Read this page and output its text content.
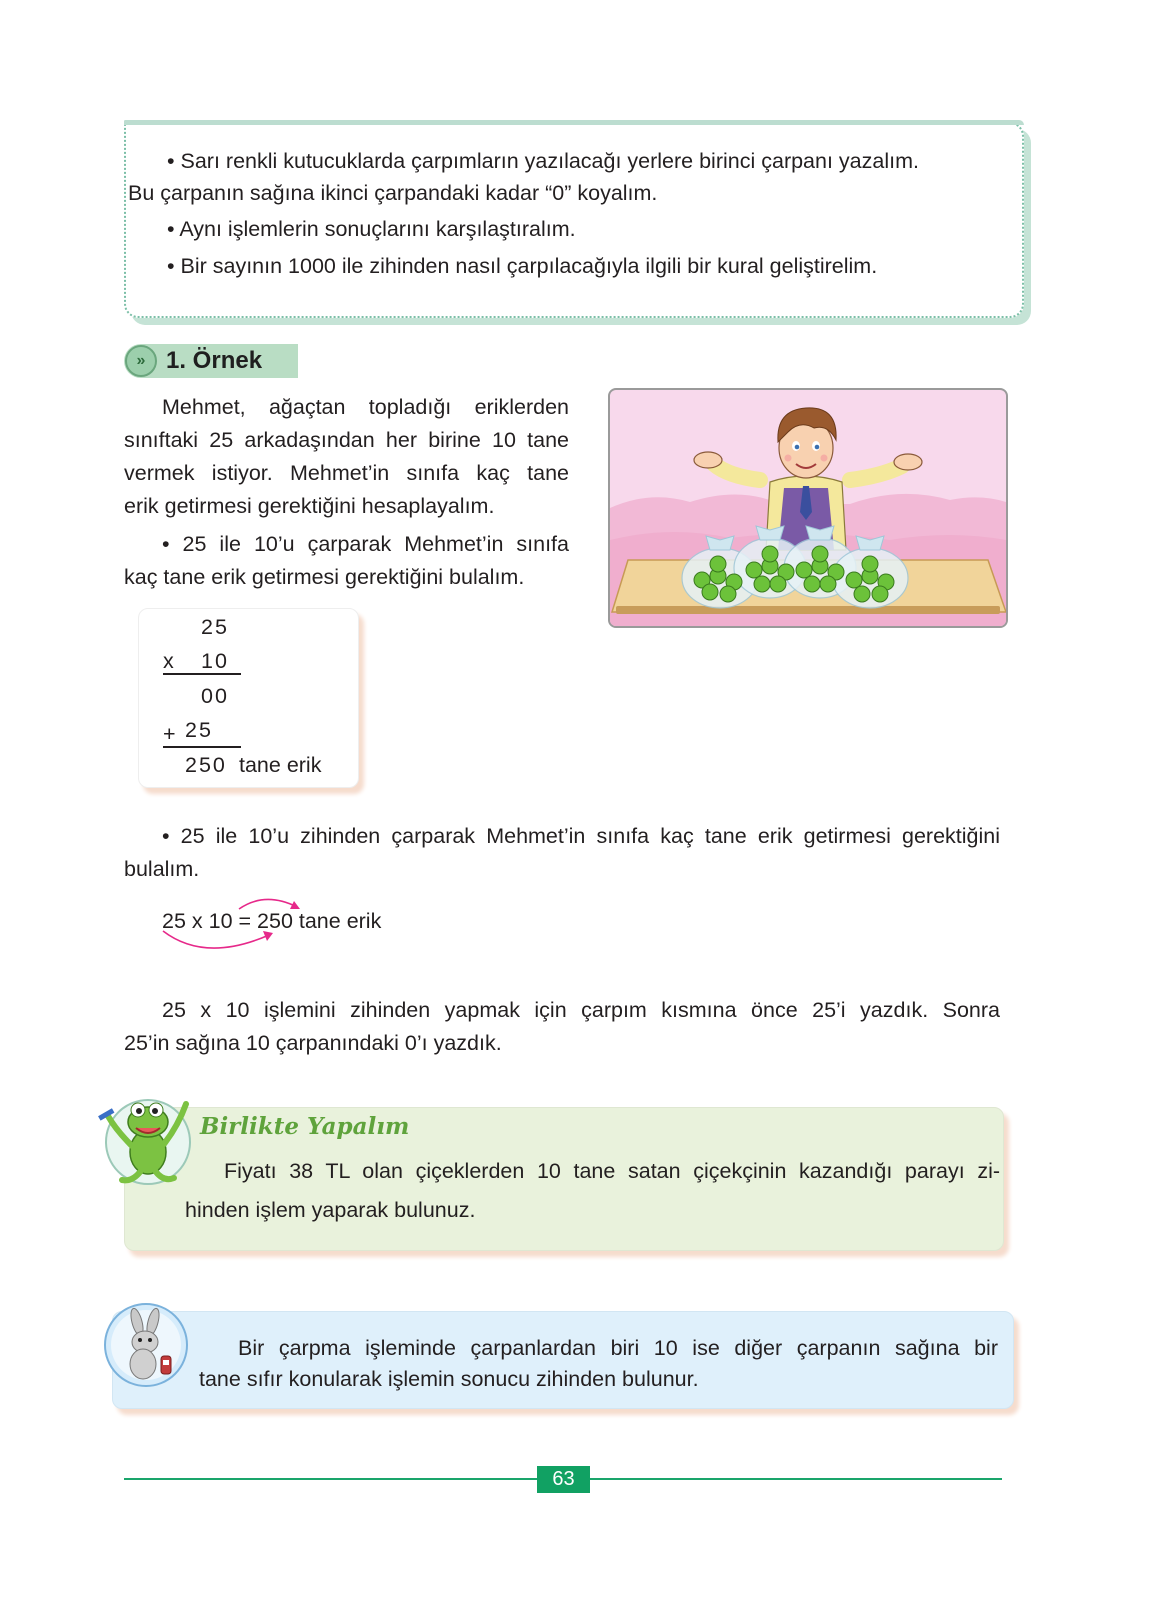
• Sarı renkli kutucuklarda çarpımların yazılacağı yerlere birinci çarpanı yazalım.

Bu çarpanın sağına ikinci çarpandaki kadar “0” koyalım.

• Aynı işlemlerin sonuçlarını karşılaştıralım.

• Bir sayının 1000 ile zihinden nasıl çarpılacağıyla ilgili bir kural geliştirelim.

» 1. Örnek

Mehmet, ağaçtan topladığı eriklerden

sınıftaki 25 arkadaşından her birine 10 tane

vermek istiyor. Mehmet’in sınıfa kaç tane

erik getirmesi gerektiğini hesaplayalım.

• 25 ile 10’u çarparak Mehmet’in sınıfa

kaç tane erik getirmesi gerektiğini bulalım.

25
x 10
00
+ 25
250 tane erik

• 25 ile 10’u zihinden çarparak Mehmet’in sınıfa kaç tane erik getirmesi gerektiğini

bulalım.

25 x 10 = 250 tane erik

25 x 10 işlemini zihinden yapmak için çarpım kısmına önce 25’i yazdık. Sonra

25’in sağına 10 çarpanındaki 0’ı yazdık.

Birlikte Yapalım

Fiyatı 38 TL olan çiçeklerden 10 tane satan çiçekçinin kazandığı parayı zi-

hinden işlem yaparak bulunuz.

Bir çarpma işleminde çarpanlardan biri 10 ise diğer çarpanın sağına bir

tane sıfır konularak işlemin sonucu zihinden bulunur.

63
